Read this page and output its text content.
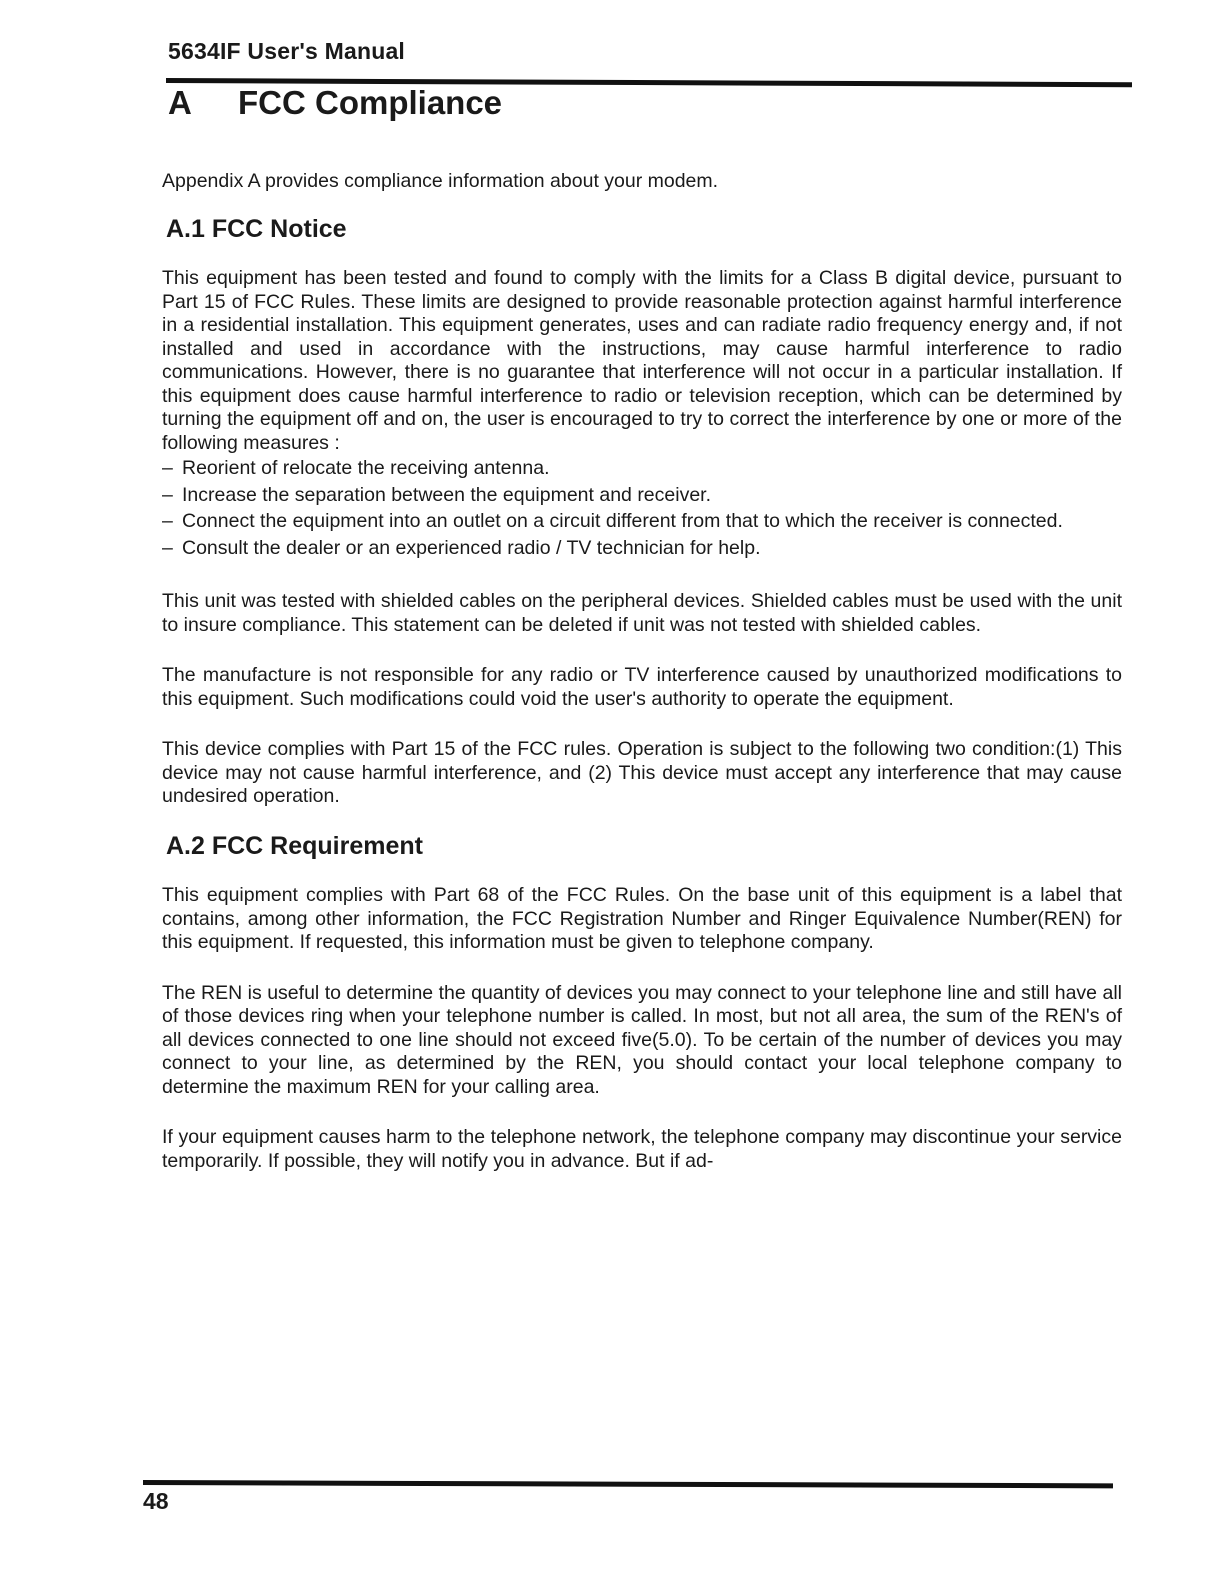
5634IF User's Manual
A FCC Compliance

Appendix A provides compliance information about your modem.

A.1 FCC Notice

This equipment has been tested and found to comply with the limits for a Class B digital device, pursuant to Part 15 of FCC Rules. These limits are designed to provide reasonable protection against harmful interference in a residential installation. This equipment generates, uses and can radiate radio frequency energy and, if not installed and used in accordance with the instructions, may cause harmful interference to radio communications. However, there is no guarantee that interference will not occur in a particular installation. If this equipment does cause harmful interference to radio or television reception, which can be determined by turning the equipment off and on, the user is encouraged to try to correct the interference by one or more of the following measures :

– Reorient of relocate the receiving antenna.
– Increase the separation between the equipment and receiver.
– Connect the equipment into an outlet on a circuit different from that to which the receiver is connected.
– Consult the dealer or an experienced radio / TV technician for help.

This unit was tested with shielded cables on the peripheral devices. Shielded cables must be used with the unit to insure compliance. This statement can be deleted if unit was not tested with shielded cables.

The manufacture is not responsible for any radio or TV interference caused by unauthorized modifications to this equipment. Such modifications could void the user's authority to operate the equipment.

This device complies with Part 15 of the FCC rules. Operation is subject to the following two condition:(1) This device may not cause harmful interference, and (2) This device must accept any interference that may cause undesired operation.

A.2 FCC Requirement

This equipment complies with Part 68 of the FCC Rules. On the base unit of this equipment is a label that contains, among other information, the FCC Registration Number and Ringer Equivalence Number(REN) for this equipment. If requested, this information must be given to telephone company.

The REN is useful to determine the quantity of devices you may connect to your telephone line and still have all of those devices ring when your telephone number is called. In most, but not all area, the sum of the REN's of all devices connected to one line should not exceed five(5.0). To be certain of the number of devices you may connect to your line, as determined by the REN, you should contact your local telephone company to determine the maximum REN for your calling area.

If your equipment causes harm to the telephone network, the telephone company may discontinue your service temporarily. If possible, they will notify you in advance. But if ad-

48
